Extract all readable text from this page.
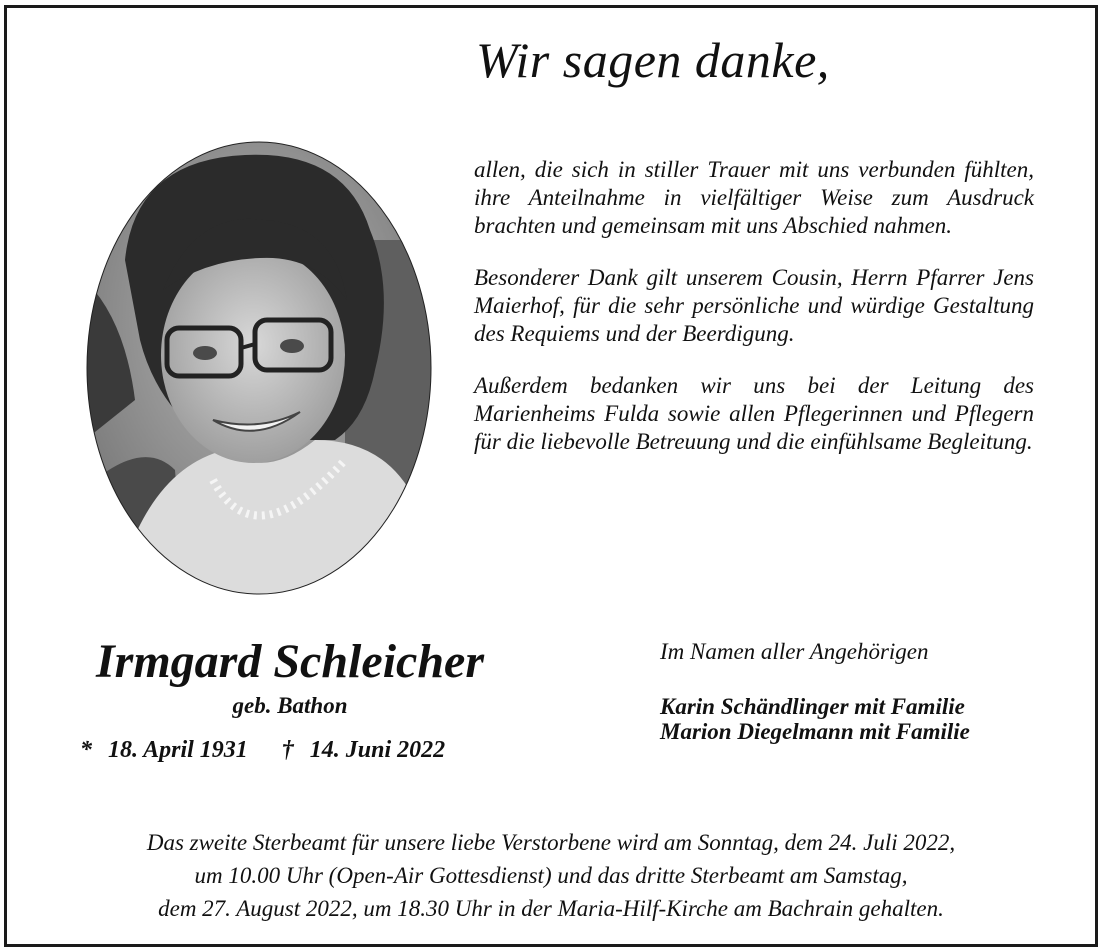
Wir sagen danke,

allen, die sich in stiller Trauer mit uns verbunden fühlten, ihre Anteilnahme in vielfältiger Weise zum Ausdruck brachten und gemeinsam mit uns Abschied nahmen.

Besonderer Dank gilt unserem Cousin, Herrn Pfarrer Jens Maierhof, für die sehr persönliche und würdige Gestaltung des Requiems und der Beerdigung.

Außerdem bedanken wir uns bei der Leitung des Marienheims Fulda sowie allen Pflegerinnen und Pflegern für die liebevolle Betreuung und die einfühlsame Begleitung.

Irmgard Schleicher
geb. Bathon
* 18. April 1931 † 14. Juni 2022
Im Namen aller Angehörigen
Karin Schändlinger mit Familie
Marion Diegelmann mit Familie
Das zweite Sterbeamt für unsere liebe Verstorbene wird am Sonntag, dem 24. Juli 2022,
um 10.00 Uhr (Open-Air Gottesdienst) und das dritte Sterbeamt am Samstag,
dem 27. August 2022, um 18.30 Uhr in der Maria-Hilf-Kirche am Bachrain gehalten.
